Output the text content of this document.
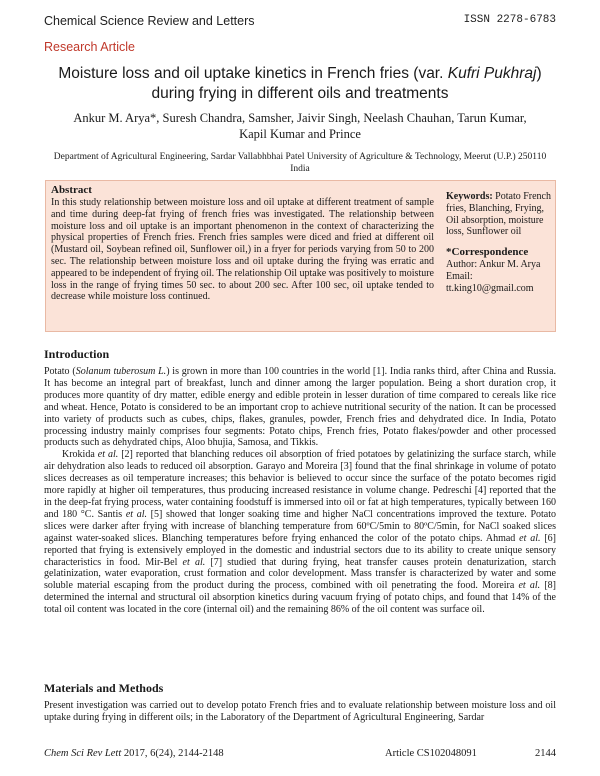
Chemical Science Review and Letters	ISSN 2278-6783
Research Article
Moisture loss and oil uptake kinetics in French fries (var. Kufri Pukhraj) during frying in different oils and treatments
Ankur M. Arya*, Suresh Chandra, Samsher, Jaivir Singh, Neelash Chauhan, Tarun Kumar, Kapil Kumar and Prince
Department of Agricultural Engineering, Sardar Vallabhbhai Patel University of Agriculture & Technology, Meerut (U.P.) 250110 India
Abstract

In this study relationship between moisture loss and oil uptake at different treatment of sample and time during deep-fat frying of french fries was investigated. The relationship between moisture loss and oil uptake is an important phenomenon in the context of characterizing the physical properties of French fries. French fries samples were diced and fried at different oil (Mustard oil, Soybean refined oil, Sunflower oil,) in a fryer for periods varying from 50 to 200 sec. The relationship between moisture loss and oil uptake during the frying was erratic and appeared to be independent of frying oil. The relationship Oil uptake was positively to moisture loss in the range of frying times 50 sec. to about 200 sec. After 100 sec, oil uptake tended to decrease while moisture loss continued.

Keywords: Potato French fries, Blanching, Frying, Oil absorption, moisture loss, Sunflower oil

*Correspondence

Author: Ankur M. Arya

Email: tt.king10@gmail.com

Introduction

Potato (Solanum tuberosum L.) is grown in more than 100 countries in the world [1]. India ranks third, after China and Russia. It has become an integral part of breakfast, lunch and dinner among the larger population. Being a short duration crop, it produces more quantity of dry matter, edible energy and edible protein in lesser duration of time compared to cereals like rice and wheat. Hence, Potato is considered to be an important crop to achieve nutritional security of the nation. It can be processed into variety of products such as cubes, chips, flakes, granules, powder, French fries and dehydrated dice. In India, Potato processing industry mainly comprises four segments: Potato chips, French fries, Potato flakes/powder and other processed products such as dehydrated chips, Aloo bhujia, Samosa, and Tikkis.

Krokida et al. [2] reported that blanching reduces oil absorption of fried potatoes by gelatinizing the surface starch, while air dehydration also leads to reduced oil absorption. Garayo and Moreira [3] found that the final shrinkage in volume of potato slices decreases as oil temperature increases; this behavior is believed to occur since the surface of the potato becomes rigid more rapidly at higher oil temperatures, thus producing increased resistance in volume change. Pedreschi [4] reported that the in the deep-fat frying process, water containing foodstuff is immersed into oil or fat at high temperatures, typically between 160 and 180 °C. Santis et al. [5] showed that longer soaking time and higher NaCl concentrations improved the texture. Potato slices were darker after frying with increase of blanching temperature from 60ºC/5min to 80ºC/5min, for NaCl soaked slices against water-soaked slices. Blanching temperatures before frying enhanced the color of the potato chips. Ahmad et al. [6] reported that frying is extensively employed in the domestic and industrial sectors due to its ability to create unique sensory characteristics in food. Mir-Bel et al. [7] studied that during frying, heat transfer causes protein denaturization, starch gelatinization, water evaporation, crust formation and color development. Mass transfer is characterized by water and some soluble material escaping from the product during the process, combined with oil penetrating the food. Moreira et al. [8] determined the internal and structural oil absorption kinetics during vacuum frying of potato chips, and found that 14% of the total oil content was located in the core (internal oil) and the remaining 86% of the oil content was surface oil.

Materials and Methods

Present investigation was carried out to develop potato French fries and to evaluate relationship between moisture loss and oil uptake during frying in different oils; in the Laboratory of the Department of Agricultural Engineering, Sardar

Chem Sci Rev Lett 2017, 6(24), 2144-2148	Article CS102048091	2144
